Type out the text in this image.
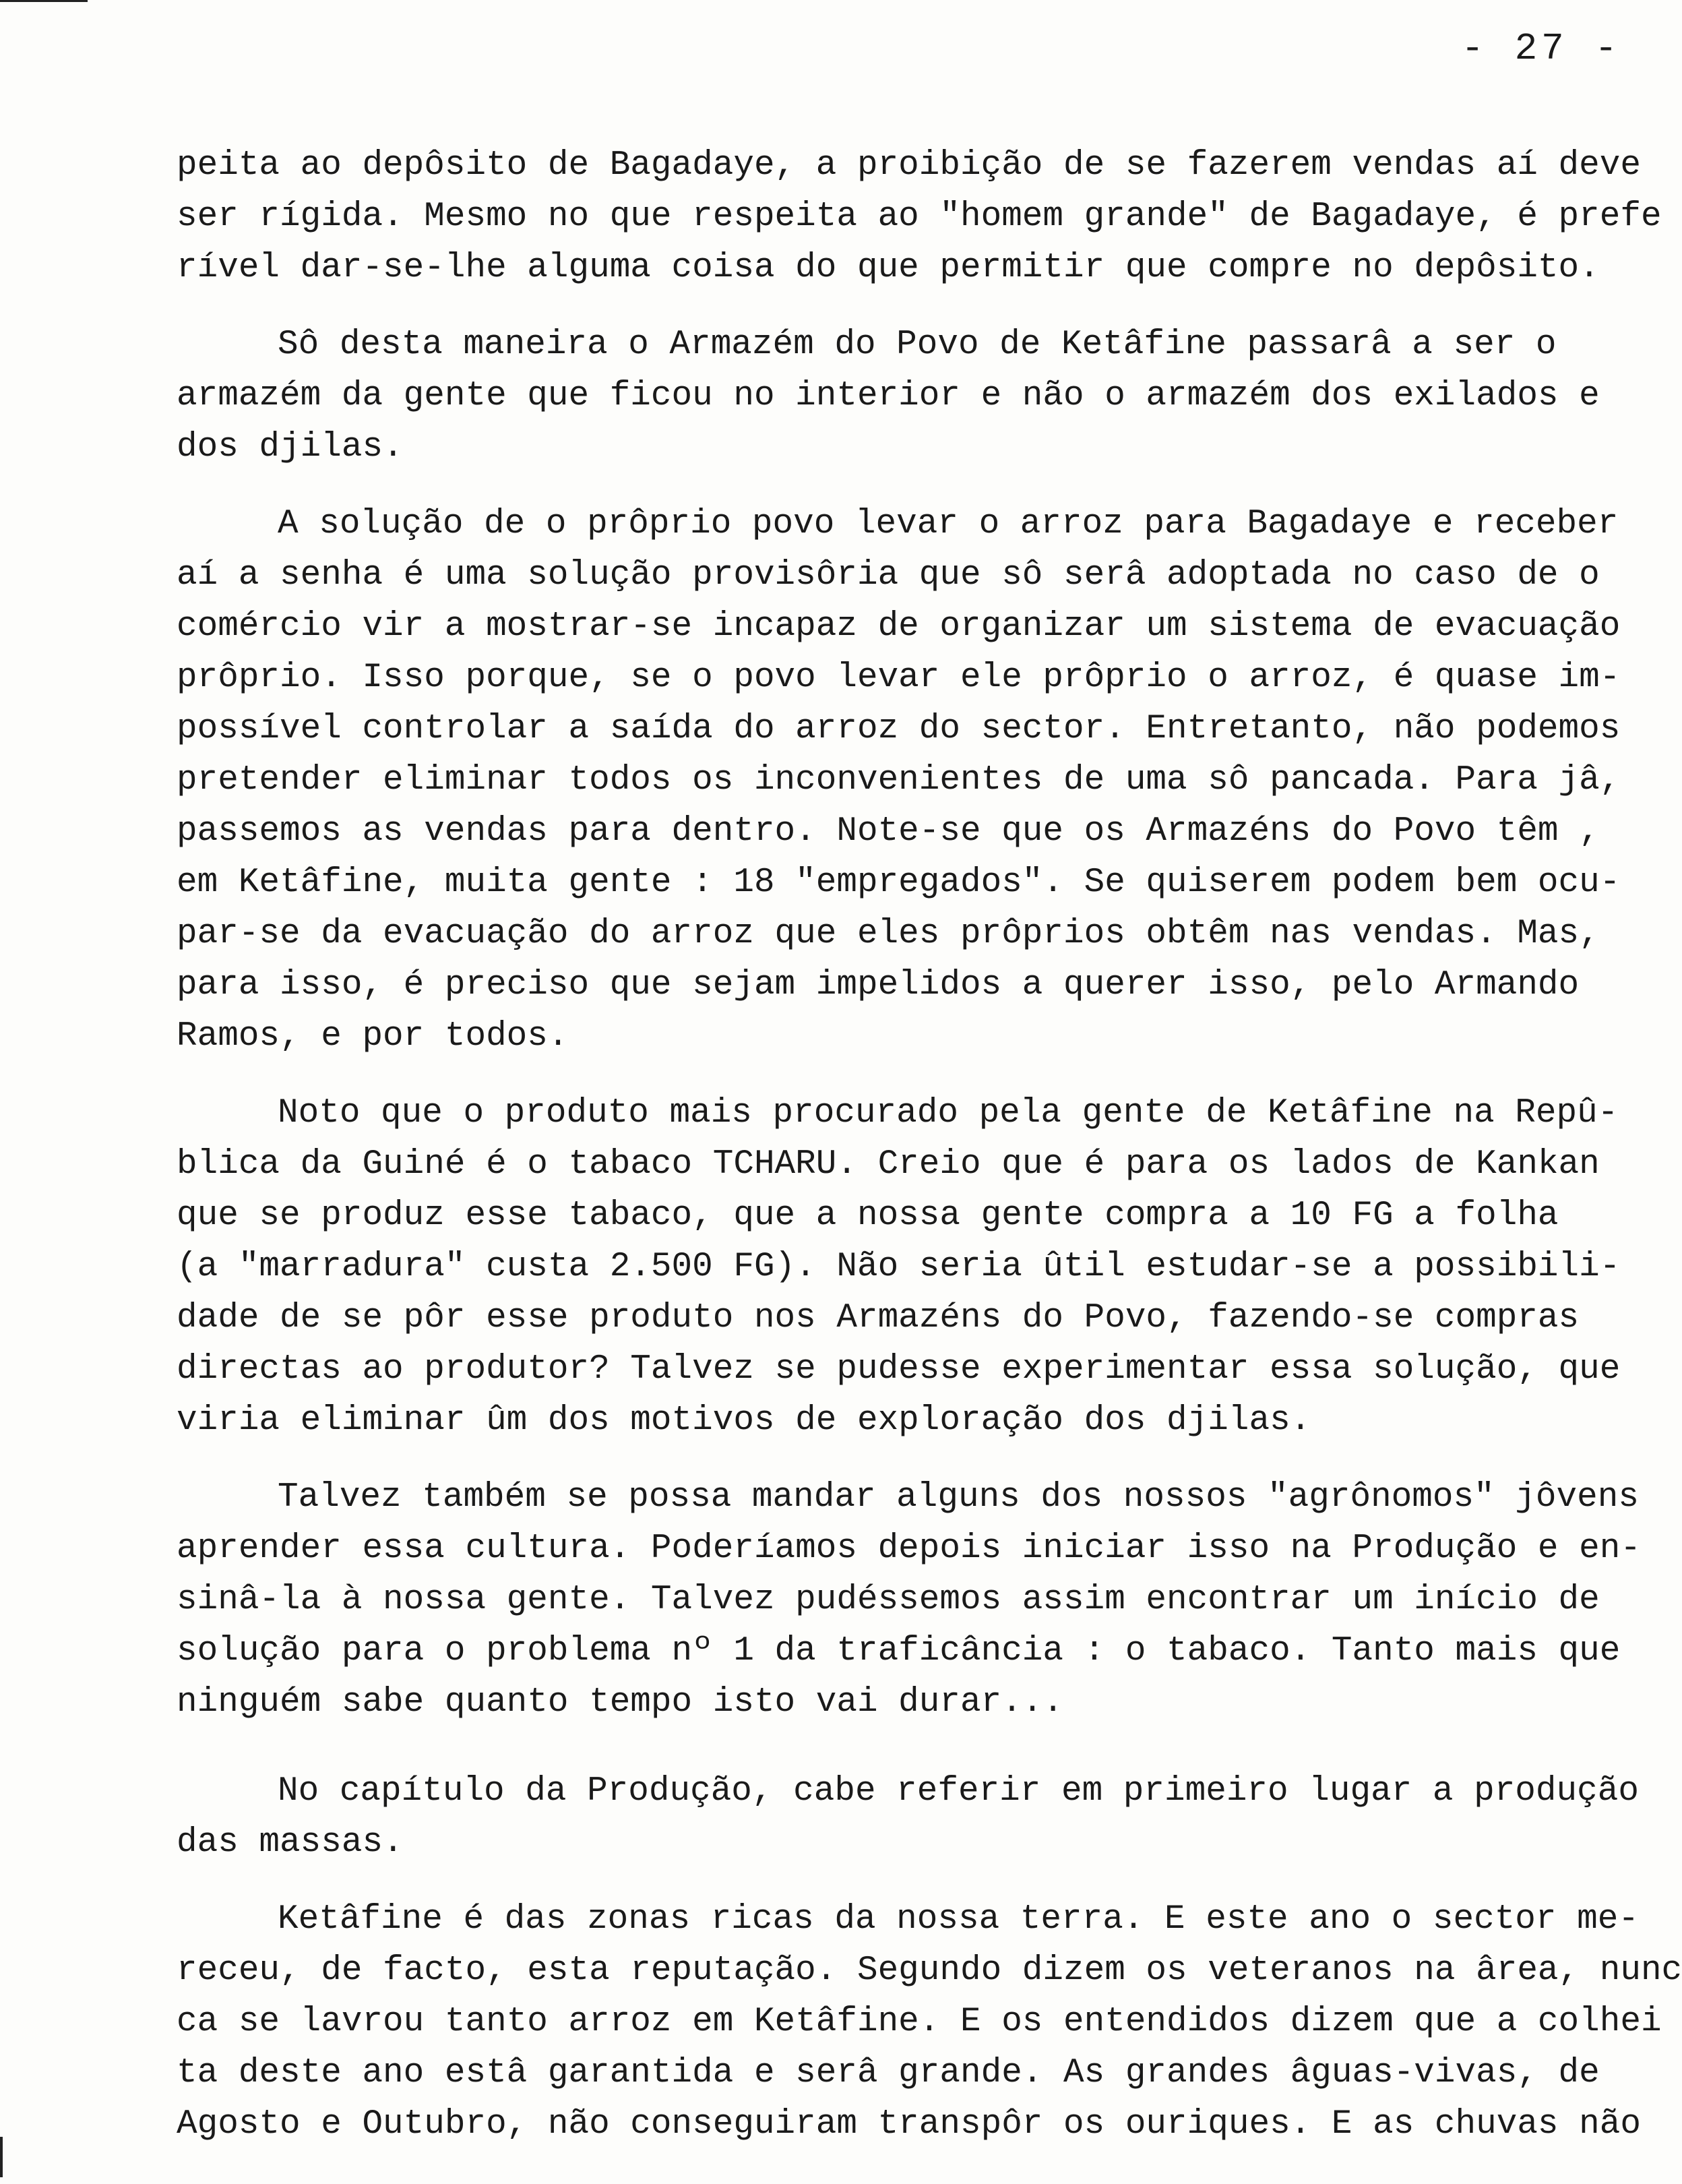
- 27 -
peita ao depôsito de Bagadaye, a proibição de se fazerem vendas aí deve
ser rígida. Mesmo no que respeita ao "homem grande" de Bagadaye, é prefe
rível dar-se-lhe alguma coisa do que permitir que compre no depôsito.
Sô desta maneira o Armazém do Povo de Ketâfine passarâ a ser o
armazém da gente que ficou no interior e não o armazém dos exilados e
dos djilas.
A solução de o prôprio povo levar o arroz para Bagadaye e receber
aí a senha é uma solução provisôria que sô serâ adoptada no caso de o
comércio vir a mostrar-se incapaz de organizar um sistema de evacuação
prôprio. Isso porque, se o povo levar ele prôprio o arroz, é quase im-
possível controlar a saída do arroz do sector. Entretanto, não podemos
pretender eliminar todos os inconvenientes de uma sô pancada. Para jâ,
passemos as vendas para dentro. Note-se que os Armazéns do Povo têm ,
em Ketâfine, muita gente : 18 "empregados". Se quiserem podem bem ocu-
par-se da evacuação do arroz que eles prôprios obtêm nas vendas. Mas,
para isso, é preciso que sejam impelidos a querer isso, pelo Armando
Ramos, e por todos.
Noto que o produto mais procurado pela gente de Ketâfine na Repû-
blica da Guiné é o tabaco TCHARU. Creio que é para os lados de Kankan
que se produz esse tabaco, que a nossa gente compra a 10 FG a folha
(a "marradura" custa 2.500 FG). Não seria ûtil estudar-se a possibili-
dade de se pôr esse produto nos Armazéns do Povo, fazendo-se compras
directas ao produtor? Talvez se pudesse experimentar essa solução, que
viria eliminar ûm dos motivos de exploração dos djilas.
Talvez também se possa mandar alguns dos nossos "agrônomos" jôvens
aprender essa cultura. Poderíamos depois iniciar isso na Produção e en-
sinâ-la à nossa gente. Talvez pudéssemos assim encontrar um início de
solução para o problema nº 1 da traficância : o tabaco. Tanto mais que
ninguém sabe quanto tempo isto vai durar...
No capítulo da Produção, cabe referir em primeiro lugar a produção
das massas.
Ketâfine é das zonas ricas da nossa terra. E este ano o sector me-
receu, de facto, esta reputação. Segundo dizem os veteranos na ârea, nunc
ca se lavrou tanto arroz em Ketâfine. E os entendidos dizem que a colhei
ta deste ano estâ garantida e serâ grande. As grandes âguas-vivas, de
Agosto e Outubro, não conseguiram transpôr os ouriques. E as chuvas não
